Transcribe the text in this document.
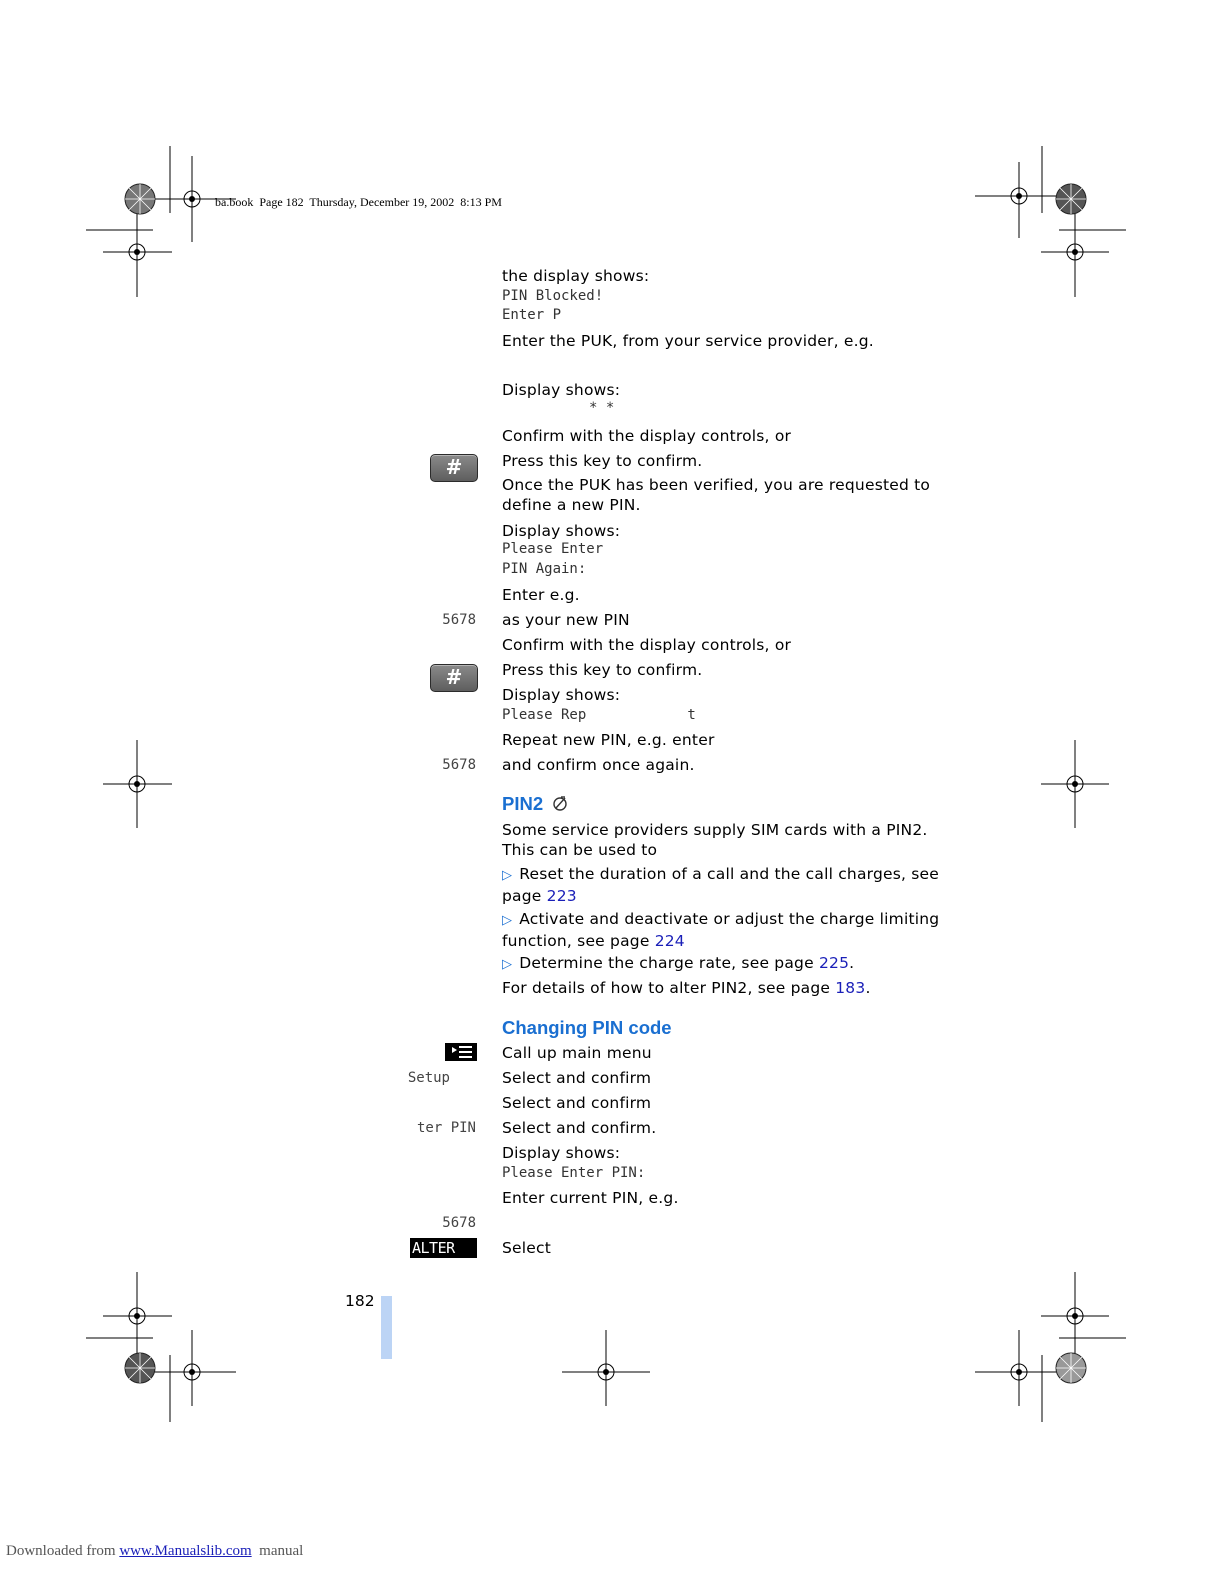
ba.book  Page 182  Thursday, December 19, 2002  8:13 PM
the display shows:
PIN Blocked!
Enter P
Enter the PUK, from your service provider, e.g.
Display shows:
* *
Confirm with the display controls, or
#	Press this key to confirm.
Once the PUK has been verified, you are requested to define a new PIN.
Display shows:
Please Enter
PIN Again:
Enter e.g.
5678 as your new PIN
Confirm with the display controls, or
#	Press this key to confirm.
Display shows:
Please Rep            t
Repeat new PIN, e.g. enter
5678 and confirm once again.
PIN2
Some service providers supply SIM cards with a PIN2. This can be used to
▷ Reset the duration of a call and the call charges, see page 223
▷ Activate and deactivate or adjust the charge limiting function, see page 224
▷ Determine the charge rate, see page 225.
For details of how to alter PIN2, see page 183.
Changing PIN code
Call up main menu
Setup	Select and confirm
Select and confirm
ter PIN Select and confirm.
Display shows:
Please Enter PIN:
Enter current PIN, e.g.
5678
ALTER	Select
182
Downloaded from www.Manualslib.com  manual
